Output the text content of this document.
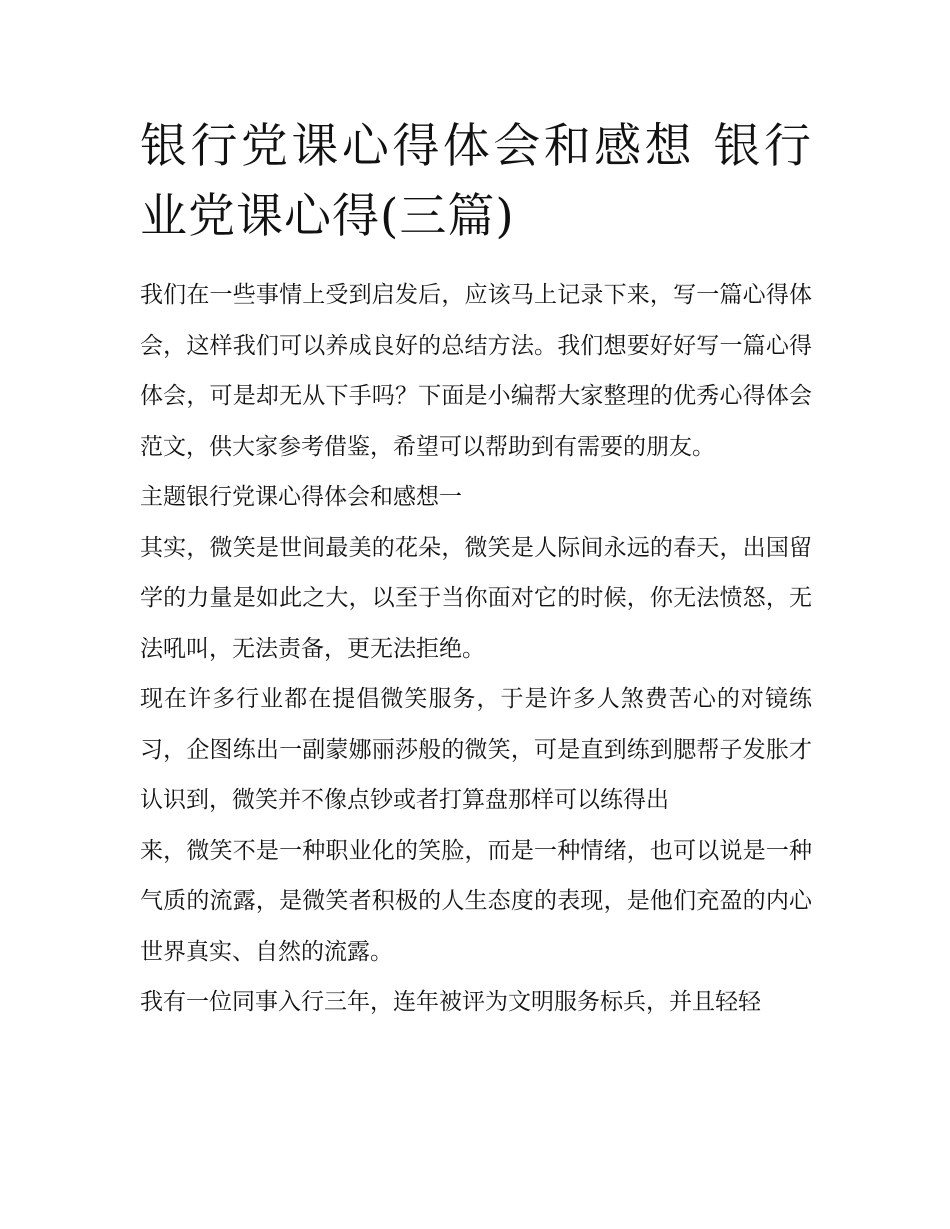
银行党课心得体会和感想 银行业党课心得(三篇)

我们在一些事情上受到启发后，应该马上记录下来，写一篇心得体会，这样我们可以养成良好的总结方法。我们想要好好写一篇心得体会，可是却无从下手吗？下面是小编帮大家整理的优秀心得体会范文，供大家参考借鉴，希望可以帮助到有需要的朋友。

主题银行党课心得体会和感想一

其实，微笑是世间最美的花朵，微笑是人际间永远的春天，出国留学的力量是如此之大，以至于当你面对它的时候，你无法愤怒，无法吼叫，无法责备，更无法拒绝。

现在许多行业都在提倡微笑服务，于是许多人煞费苦心的对镜练习，企图练出一副蒙娜丽莎般的微笑，可是直到练到腮帮子发胀才认识到，微笑并不像点钞或者打算盘那样可以练得出
来，微笑不是一种职业化的笑脸，而是一种情绪，也可以说是一种气质的流露，是微笑者积极的人生态度的表现，是他们充盈的内心世界真实、自然的流露。

我有一位同事入行三年，连年被评为文明服务标兵，并且轻轻
